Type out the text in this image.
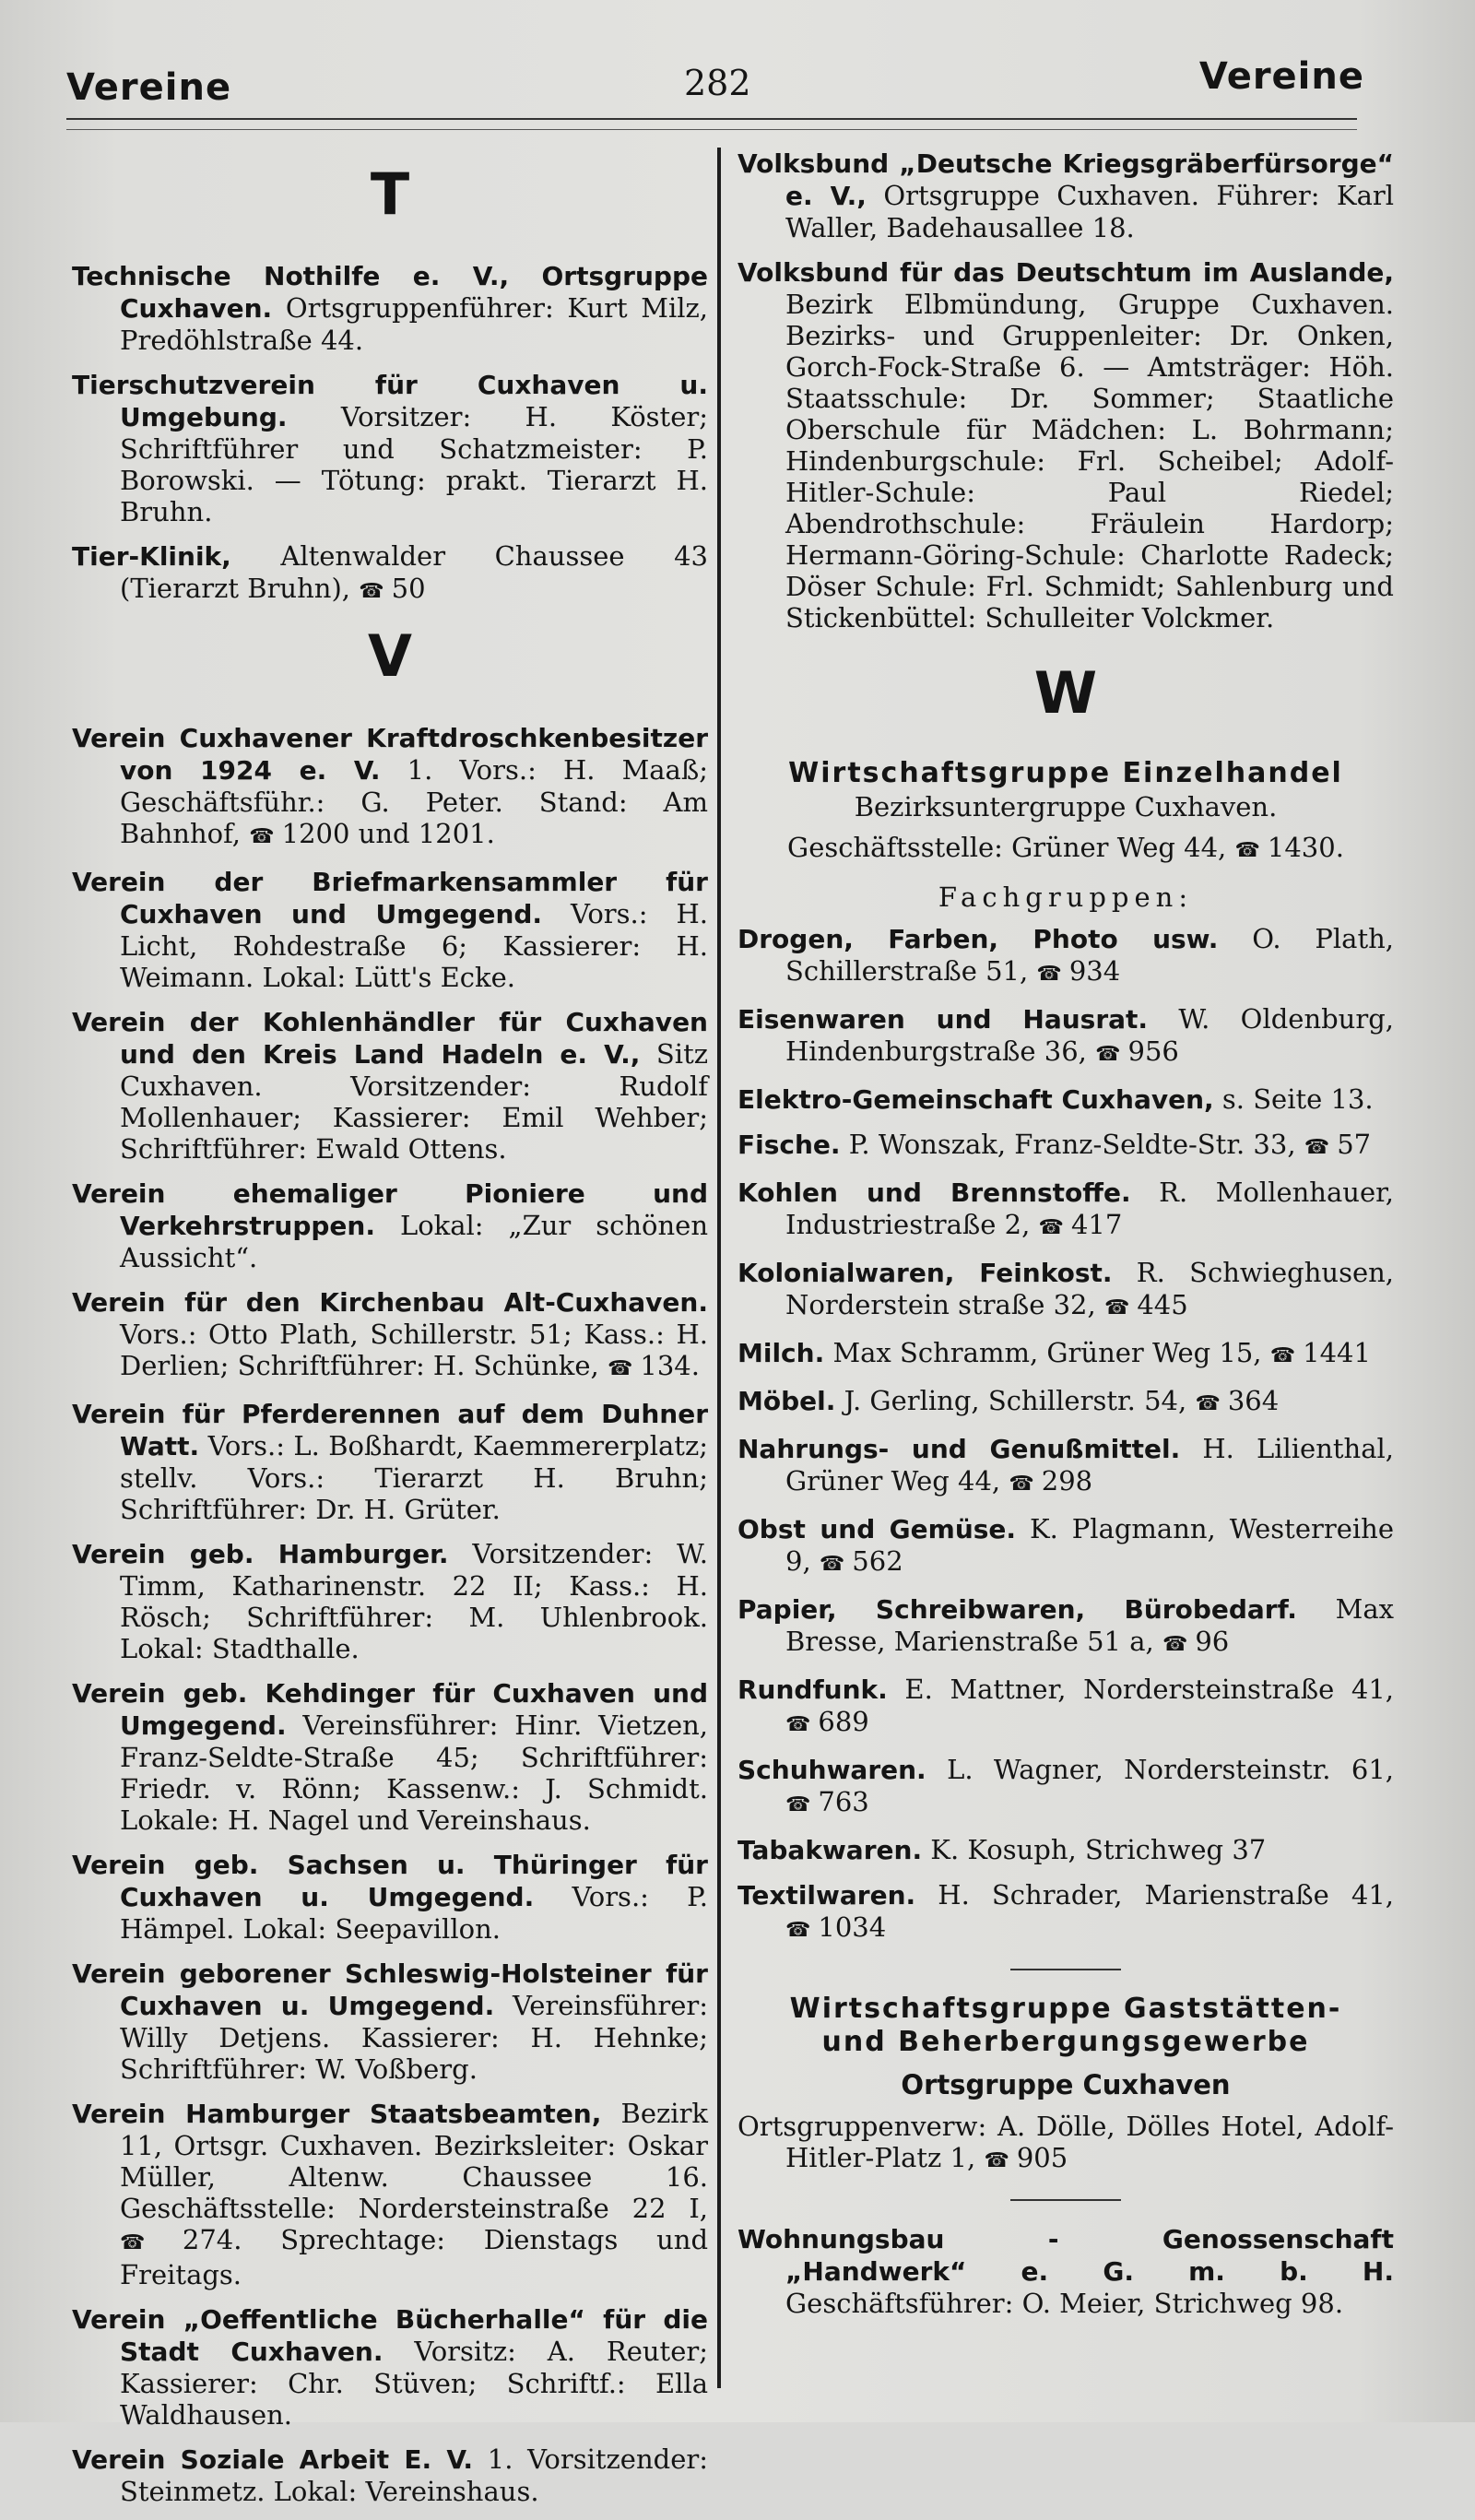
Vereine	282	Vereine

T

Technische Nothilfe e. V., Ortsgruppe Cuxhaven. Ortsgruppenführer: Kurt Milz, Predöhlstraße 44.

Tierschutzverein für Cuxhaven u. Umgebung. Vorsitzer: H. Köster; Schriftführer und Schatzmeister: P. Borowski. — Tötung: prakt. Tierarzt H. Bruhn.

Tier-Klinik, Altenwalder Chaussee 43 (Tierarzt Bruhn), ☎ 50

V

Verein Cuxhavener Kraftdroschkenbesitzer von 1924 e. V. 1. Vors.: H. Maaß; Geschäftsführ.: G. Peter. Stand: Am Bahnhof, ☎ 1200 und 1201.

Verein der Briefmarkensammler für Cuxhaven und Umgegend. Vors.: H. Licht, Rohdestraße 6; Kassierer: H. Weimann. Lokal: Lütt's Ecke.

Verein der Kohlenhändler für Cuxhaven und den Kreis Land Hadeln e. V., Sitz Cuxhaven. Vorsitzender: Rudolf Mollenhauer; Kassierer: Emil Wehber; Schriftführer: Ewald Ottens.

Verein ehemaliger Pioniere und Verkehrstruppen. Lokal: „Zur schönen Aussicht“.

Verein für den Kirchenbau Alt-Cuxhaven. Vors.: Otto Plath, Schillerstr. 51; Kass.: H. Derlien; Schriftführer: H. Schünke, ☎ 134.

Verein für Pferderennen auf dem Duhner Watt. Vors.: L. Boßhardt, Kaemmererplatz; stellv. Vors.: Tierarzt H. Bruhn; Schriftführer: Dr. H. Grüter.

Verein geb. Hamburger. Vorsitzender: W. Timm, Katharinenstr. 22 II; Kass.: H. Rösch; Schriftführer: M. Uhlenbrook. Lokal: Stadthalle.

Verein geb. Kehdinger für Cuxhaven und Umgegend. Vereinsführer: Hinr. Vietzen, Franz-Seldte-Straße 45; Schriftführer: Friedr. v. Rönn; Kassenw.: J. Schmidt. Lokale: H. Nagel und Vereinshaus.

Verein geb. Sachsen u. Thüringer für Cuxhaven u. Umgegend. Vors.: P. Hämpel. Lokal: Seepavillon.

Verein geborener Schleswig-Holsteiner für Cuxhaven u. Umgegend. Vereinsführer: Willy Detjens. Kassierer: H. Hehnke; Schriftführer: W. Voßberg.

Verein Hamburger Staatsbeamten, Bezirk 11, Ortsgr. Cuxhaven. Bezirksleiter: Oskar Müller, Altenw. Chaussee 16. Geschäftsstelle: Nordersteinstraße 22 I, ☎ 274. Sprechtage: Dienstags und Freitags.

Verein „Oeffentliche Bücherhalle“ für die Stadt Cuxhaven. Vorsitz: A. Reuter; Kassierer: Chr. Stüven; Schriftf.: Ella Waldhausen.

Verein Soziale Arbeit E. V. 1. Vorsitzender: Steinmetz. Lokal: Vereinshaus.

Volksbund „Deutsche Kriegsgräberfürsorge“ e. V., Ortsgruppe Cuxhaven. Führer: Karl Waller, Badehausallee 18.

Volksbund für das Deutschtum im Auslande, Bezirk Elbmündung, Gruppe Cuxhaven. Bezirks- und Gruppenleiter: Dr. Onken, Gorch-Fock-Straße 6. — Amtsträger: Höh. Staatsschule: Dr. Sommer; Staatliche Oberschule für Mädchen: L. Bohrmann; Hindenburgschule: Frl. Scheibel; Adolf-Hitler-Schule: Paul Riedel; Abendrothschule: Fräulein Hardorp; Hermann-Göring-Schule: Charlotte Radeck; Döser Schule: Frl. Schmidt; Sahlenburg und Stickenbüttel: Schulleiter Volckmer.

W

Wirtschaftsgruppe Einzelhandel

Bezirksuntergruppe Cuxhaven.

Geschäftsstelle: Grüner Weg 44, ☎ 1430.

Fachgruppen:

Drogen, Farben, Photo usw. O. Plath, Schillerstraße 51, ☎ 934

Eisenwaren und Hausrat. W. Oldenburg, Hindenburgstraße 36, ☎ 956

Elektro-Gemeinschaft Cuxhaven, s. Seite 13.

Fische. P. Wonszak, Franz-Seldte-Str. 33, ☎ 57

Kohlen und Brennstoffe. R. Mollenhauer, Industriestraße 2, ☎ 417

Kolonialwaren, Feinkost. R. Schwieghusen, Norderstein straße 32, ☎ 445

Milch. Max Schramm, Grüner Weg 15, ☎ 1441

Möbel. J. Gerling, Schillerstr. 54, ☎ 364

Nahrungs- und Genußmittel. H. Lilienthal, Grüner Weg 44, ☎ 298

Obst und Gemüse. K. Plagmann, Westerreihe 9, ☎ 562

Papier, Schreibwaren, Bürobedarf. Max Bresse, Marienstraße 51 a, ☎ 96

Rundfunk. E. Mattner, Nordersteinstraße 41, ☎ 689

Schuhwaren. L. Wagner, Nordersteinstr. 61, ☎ 763

Tabakwaren. K. Kosuph, Strichweg 37

Textilwaren. H. Schrader, Marienstraße 41, ☎ 1034

Wirtschaftsgruppe Gaststätten- und Beherbergungsgewerbe

Ortsgruppe Cuxhaven

Ortsgruppenverw: A. Dölle, Dölles Hotel, Adolf-Hitler-Platz 1, ☎ 905

Wohnungsbau - Genossenschaft „Handwerk“ e. G. m. b. H. Geschäftsführer: O. Meier, Strichweg 98.
